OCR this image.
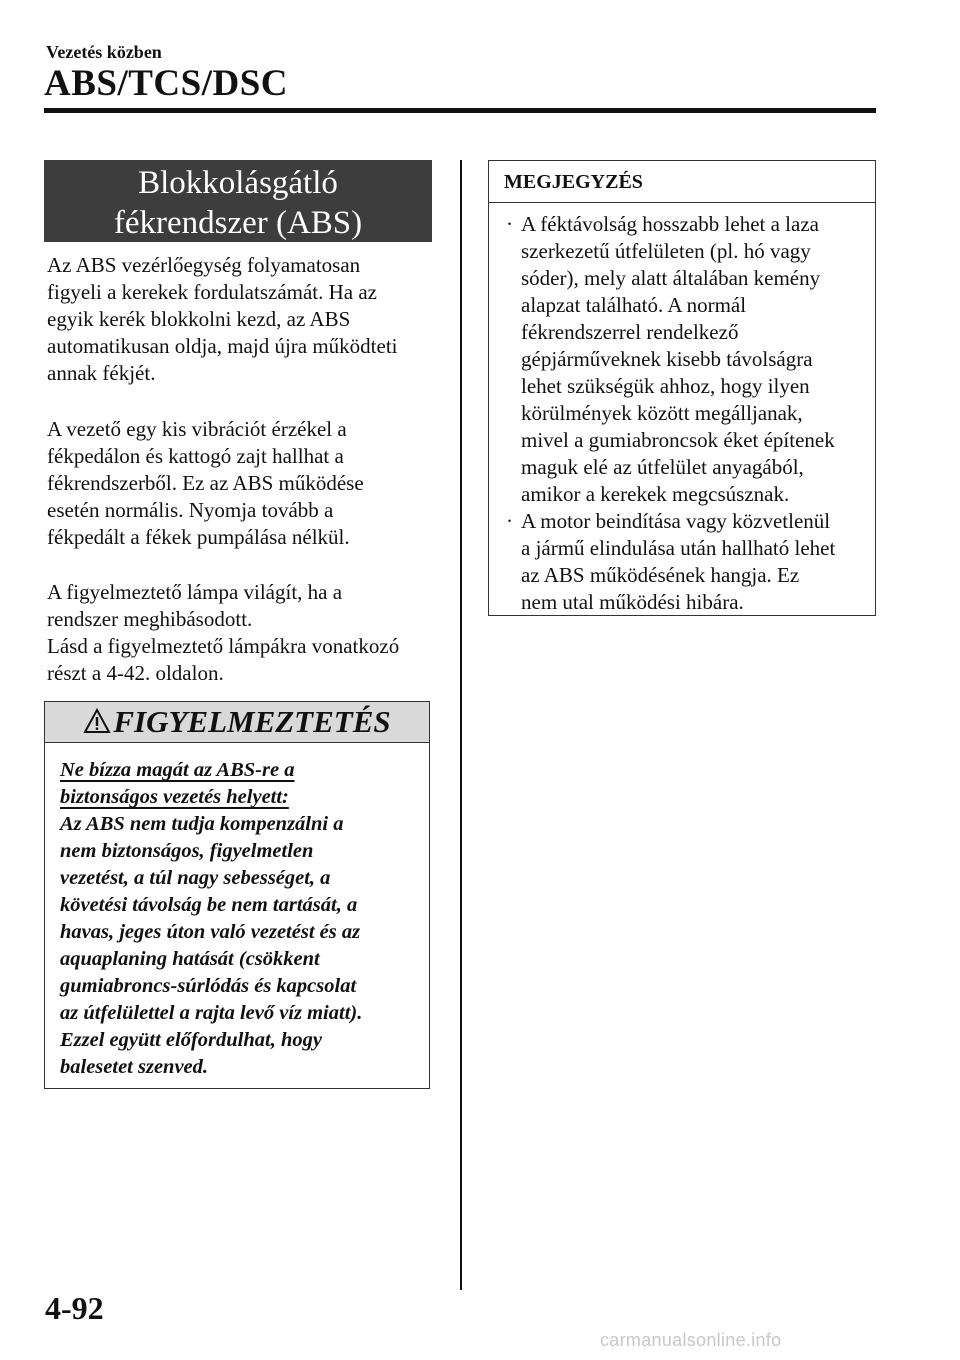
Vezetés közben
ABS/TCS/DSC
Blokkolásgátló
fékrendszer (ABS)
Az ABS vezérlőegység folyamatosan
figyeli a kerekek fordulatszámát. Ha az
egyik kerék blokkolni kezd, az ABS
automatikusan oldja, majd újra működteti
annak fékjét.
A vezető egy kis vibrációt érzékel a
fékpedálon és kattogó zajt hallhat a
fékrendszerből. Ez az ABS működése
esetén normális. Nyomja tovább a
fékpedált a fékek pumpálása nélkül.
A figyelmeztető lámpa világít, ha a
rendszer meghibásodott.
Lásd a figyelmeztető lámpákra vonatkozó
részt a 4-42. oldalon.
FIGYELMEZTETÉS
Ne bízza magát az ABS-re a
biztonságos vezetés helyett:
Az ABS nem tudja kompenzálni a
nem biztonságos, figyelmetlen
vezetést, a túl nagy sebességet, a
követési távolság be nem tartását, a
havas, jeges úton való vezetést és az
aquaplaning hatását (csökkent
gumiabroncs-súrlódás és kapcsolat
az útfelülettel a rajta levő víz miatt).
Ezzel együtt előfordulhat, hogy
balesetet szenved.
MEGJEGYZÉS
· A féktávolság hosszabb lehet a laza
szerkezetű útfelületen (pl. hó vagy
sóder), mely alatt általában kemény
alapzat található. A normál
fékrendszerrel rendelkező
gépjárműveknek kisebb távolságra
lehet szükségük ahhoz, hogy ilyen
körülmények között megálljanak,
mivel a gumiabroncsok éket építenek
maguk elé az útfelület anyagából,
amikor a kerekek megcsúsznak.
· A motor beindítása vagy közvetlenül
a jármű elindulása után hallható lehet
az ABS működésének hangja. Ez
nem utal működési hibára.
4-92
carmanualsonline.info
